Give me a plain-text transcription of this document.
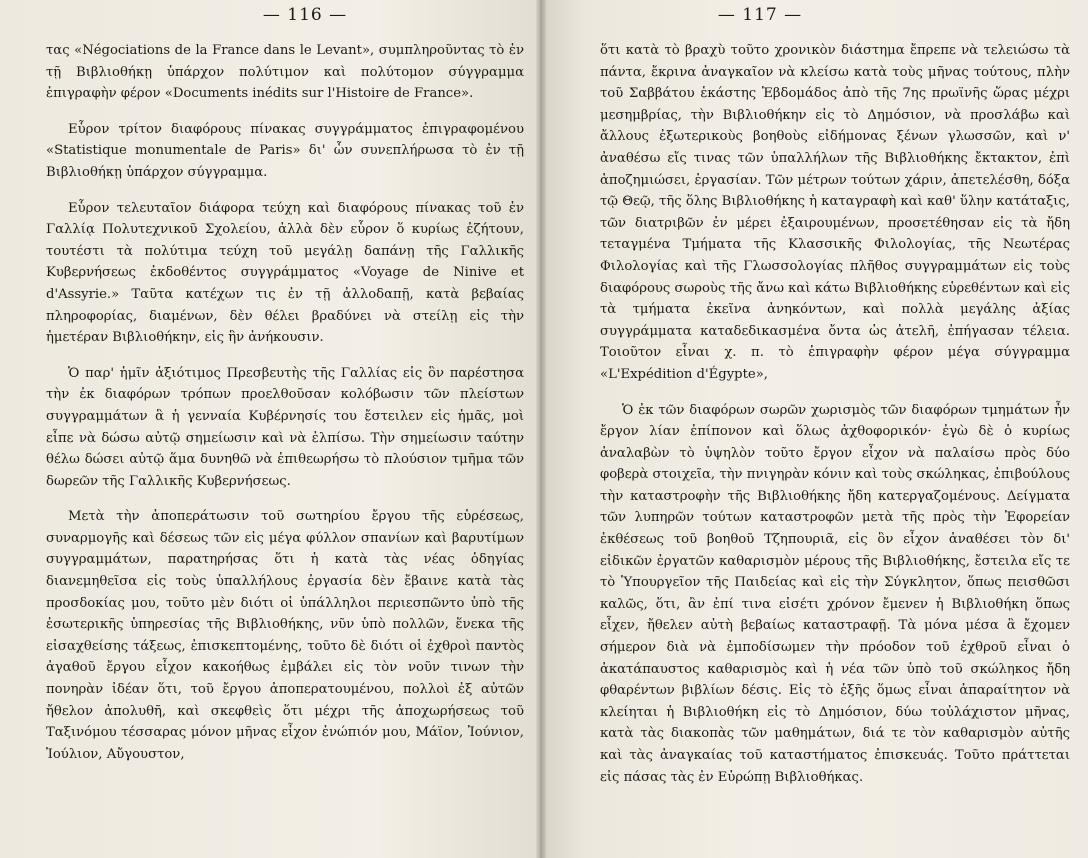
— 116 —

τας «Négociations de la France dans le Levant», συμπληροῦντας τὸ ἐν τῇ Βιβλιοθήκῃ ὑπάρχον πολύτιμον καὶ πολύτομον σύγγραμμα ἐπιγραφὴν φέρον «Documents inédits sur l'Histoire de France».

Εὗρον τρίτον διαφόρους πίνακας συγγράμματος ἐπιγραφομένου «Statistique monumentale de Paris» δι' ὧν συνεπλήρωσα τὸ ἐν τῇ Βιβλιοθήκῃ ὑπάρχον σύγγραμμα.

Εὗρον τελευταῖον διάφορα τεύχη καὶ διαφόρους πίνακας τοῦ ἐν Γαλλίᾳ Πολυτεχνικοῦ Σχολείου, ἀλλὰ δὲν εὗρον ὅ κυρίως ἐζήτουν, τουτέστι τὰ πολύτιμα τεύχη τοῦ μεγάλῃ δαπάνῃ τῆς Γαλλικῆς Κυβερνήσεως ἐκδοθέντος συγγράμματος «Voyage de Ninive et d'Assyrie.» Ταῦτα κατέχων τις ἐν τῇ ἀλλοδαπῇ, κατὰ βεβαίας πληροφορίας, διαμένων, δὲν θέλει βραδύνει νὰ στείλῃ εἰς τὴν ἡμετέραν Βιβλιοθήκην, εἰς ἣν ἀνήκουσιν.

Ὁ παρ' ἡμῖν ἀξιότιμος Πρεσβευτὴς τῆς Γαλλίας εἰς ὃν παρέστησα τὴν ἐκ διαφόρων τρόπων προελθοῦσαν κολόβωσιν τῶν πλείστων συγγραμμάτων ἃ ἡ γενναία Κυβέρνησίς του ἔστειλεν εἰς ἡμᾶς, μοὶ εἶπε νὰ δώσω αὐτῷ σημείωσιν καὶ νὰ ἐλπίσω. Τὴν σημείωσιν ταύτην θέλω δώσει αὐτῷ ἅμα δυνηθῶ νὰ ἐπιθεωρήσω τὸ πλούσιον τμῆμα τῶν δωρεῶν τῆς Γαλλικῆς Κυβερνήσεως.

Μετὰ τὴν ἀποπεράτωσιν τοῦ σωτηρίου ἔργου τῆς εὑρέσεως, συναρμογῆς καὶ δέσεως τῶν εἰς μέγα φύλλον σπανίων καὶ βαρυτίμων συγγραμμάτων, παρατηρήσας ὅτι ἡ κατὰ τὰς νέας ὁδηγίας διανεμηθεῖσα εἰς τοὺς ὑπαλλήλους ἐργασία δὲν ἔβαινε κατὰ τὰς προσδοκίας μου, τοῦτο μὲν διότι οἱ ὑπάλληλοι περιεσπῶντο ὑπὸ τῆς ἐσωτερικῆς ὑπηρεσίας τῆς Βιβλιοθήκης, νῦν ὑπὸ πολλῶν, ἕνεκα τῆς εἰσαχθείσης τάξεως, ἐπισκεπτομένης, τοῦτο δὲ διότι οἱ ἐχθροὶ παντὸς ἀγαθοῦ ἔργου εἶχον κακοήθως ἐμβάλει εἰς τὸν νοῦν τινων τὴν πονηρὰν ἰδέαν ὅτι, τοῦ ἔργου ἀποπερατουμένου, πολλοὶ ἐξ αὐτῶν ἤθελον ἀπολυθῆ, καὶ σκεφθεὶς ὅτι μέχρι τῆς ἀποχωρήσεως τοῦ Ταξινόμου τέσσαρας μόνον μῆνας εἶχον ἐνώπιόν μου, Μάϊον, Ἰούνιον, Ἰούλιον, Αὔγουστον,

— 117 —

ὅτι κατὰ τὸ βραχὺ τοῦτο χρονικὸν διάστημα ἔπρεπε νὰ τελειώσω τὰ πάντα, ἔκρινα ἀναγκαῖον νὰ κλείσω κατὰ τοὺς μῆνας τούτους, πλὴν τοῦ Σαββάτου ἑκάστης Ἑβδομάδος ἀπὸ τῆς 7ης πρωϊνῆς ὥρας μέχρι μεσημβρίας, τὴν Βιβλιοθήκην εἰς τὸ Δημόσιον, νὰ προσλάβω καὶ ἄλλους ἐξωτερικοὺς βοηθοὺς εἰδήμονας ξένων γλωσσῶν, καὶ ν' ἀναθέσω εἴς τινας τῶν ὑπαλλήλων τῆς Βιβλιοθήκης ἔκτακτον, ἐπὶ ἀποζημιώσει, ἐργασίαν. Τῶν μέτρων τούτων χάριν, ἀπετελέσθη, δόξα τῷ Θεῷ, τῆς ὅλης Βιβλιοθήκης ἡ καταγραφὴ καὶ καθ' ὕλην κατάταξις, τῶν διατριβῶν ἐν μέρει ἐξαιρουμένων, προσετέθησαν εἰς τὰ ἤδη τεταγμένα Τμήματα τῆς Κλασσικῆς Φιλολογίας, τῆς Νεωτέρας Φιλολογίας καὶ τῆς Γλωσσολογίας πλῆθος συγγραμμάτων εἰς τοὺς διαφόρους σωροὺς τῆς ἄνω καὶ κάτω Βιβλιοθήκης εὑρεθέντων καὶ εἰς τὰ τμήματα ἐκεῖνα ἀνηκόντων, καὶ πολλὰ μεγάλης ἀξίας συγγράμματα καταδεδικασμένα ὄντα ὡς ἀτελῆ, ἐπήγασαν τέλεια. Τοιοῦτον εἶναι χ. π. τὸ ἐπιγραφὴν φέρον μέγα σύγγραμμα «L'Expédition d'Égypte»,

Ὁ ἐκ τῶν διαφόρων σωρῶν χωρισμὸς τῶν διαφόρων τμημάτων ἦν ἔργον λίαν ἐπίπονον καὶ ὅλως ἀχθοφορικόν· ἐγὼ δὲ ὁ κυρίως ἀναλαβὼν τὸ ὑψηλὸν τοῦτο ἔργον εἶχον νὰ παλαίσω πρὸς δύο φοβερὰ στοιχεῖα, τὴν πνιγηρὰν κόνιν καὶ τοὺς σκώληκας, ἐπιβούλους τὴν καταστροφὴν τῆς Βιβλιοθήκης ἤδη κατεργαζομένους. Δείγματα τῶν λυπηρῶν τούτων καταστροφῶν μετὰ τῆς πρὸς τὴν Ἐφορείαν ἐκθέσεως τοῦ βοηθοῦ Τζηπουριᾶ, εἰς ὃν εἶχον ἀναθέσει τὸν δι' εἰδικῶν ἐργατῶν καθαρισμὸν μέρους τῆς Βιβλιοθήκης, ἔστειλα εἴς τε τὸ Ὑπουργεῖον τῆς Παιδείας καὶ εἰς τὴν Σύγκλητον, ὅπως πεισθῶσι καλῶς, ὅτι, ἂν ἐπί τινα εἰσέτι χρόνον ἔμενεν ἡ Βιβλιοθήκη ὅπως εἶχεν, ἤθελεν αὐτὴ βεβαίως καταστραφῇ. Τὰ μόνα μέσα ἃ ἔχομεν σήμερον διὰ νὰ ἐμποδίσωμεν τὴν πρόοδον τοῦ ἐχθροῦ εἶναι ὁ ἀκατάπαυστος καθαρισμὸς καὶ ἡ νέα τῶν ὑπὸ τοῦ σκώληκος ἤδη φθαρέντων βιβλίων δέσις. Εἰς τὸ ἑξῆς ὅμως εἶναι ἀπαραίτητον νὰ κλείηται ἡ Βιβλιοθήκη εἰς τὸ Δημόσιον, δύω τοὐλάχιστον μῆνας, κατὰ τὰς διακοπὰς τῶν μαθημάτων, διά τε τὸν καθαρισμὸν αὐτῆς καὶ τὰς ἀναγκαίας τοῦ καταστήματος ἐπισκευάς. Τοῦτο πράττεται εἰς πάσας τὰς ἐν Εὐρώπῃ Βιβλιοθήκας.
